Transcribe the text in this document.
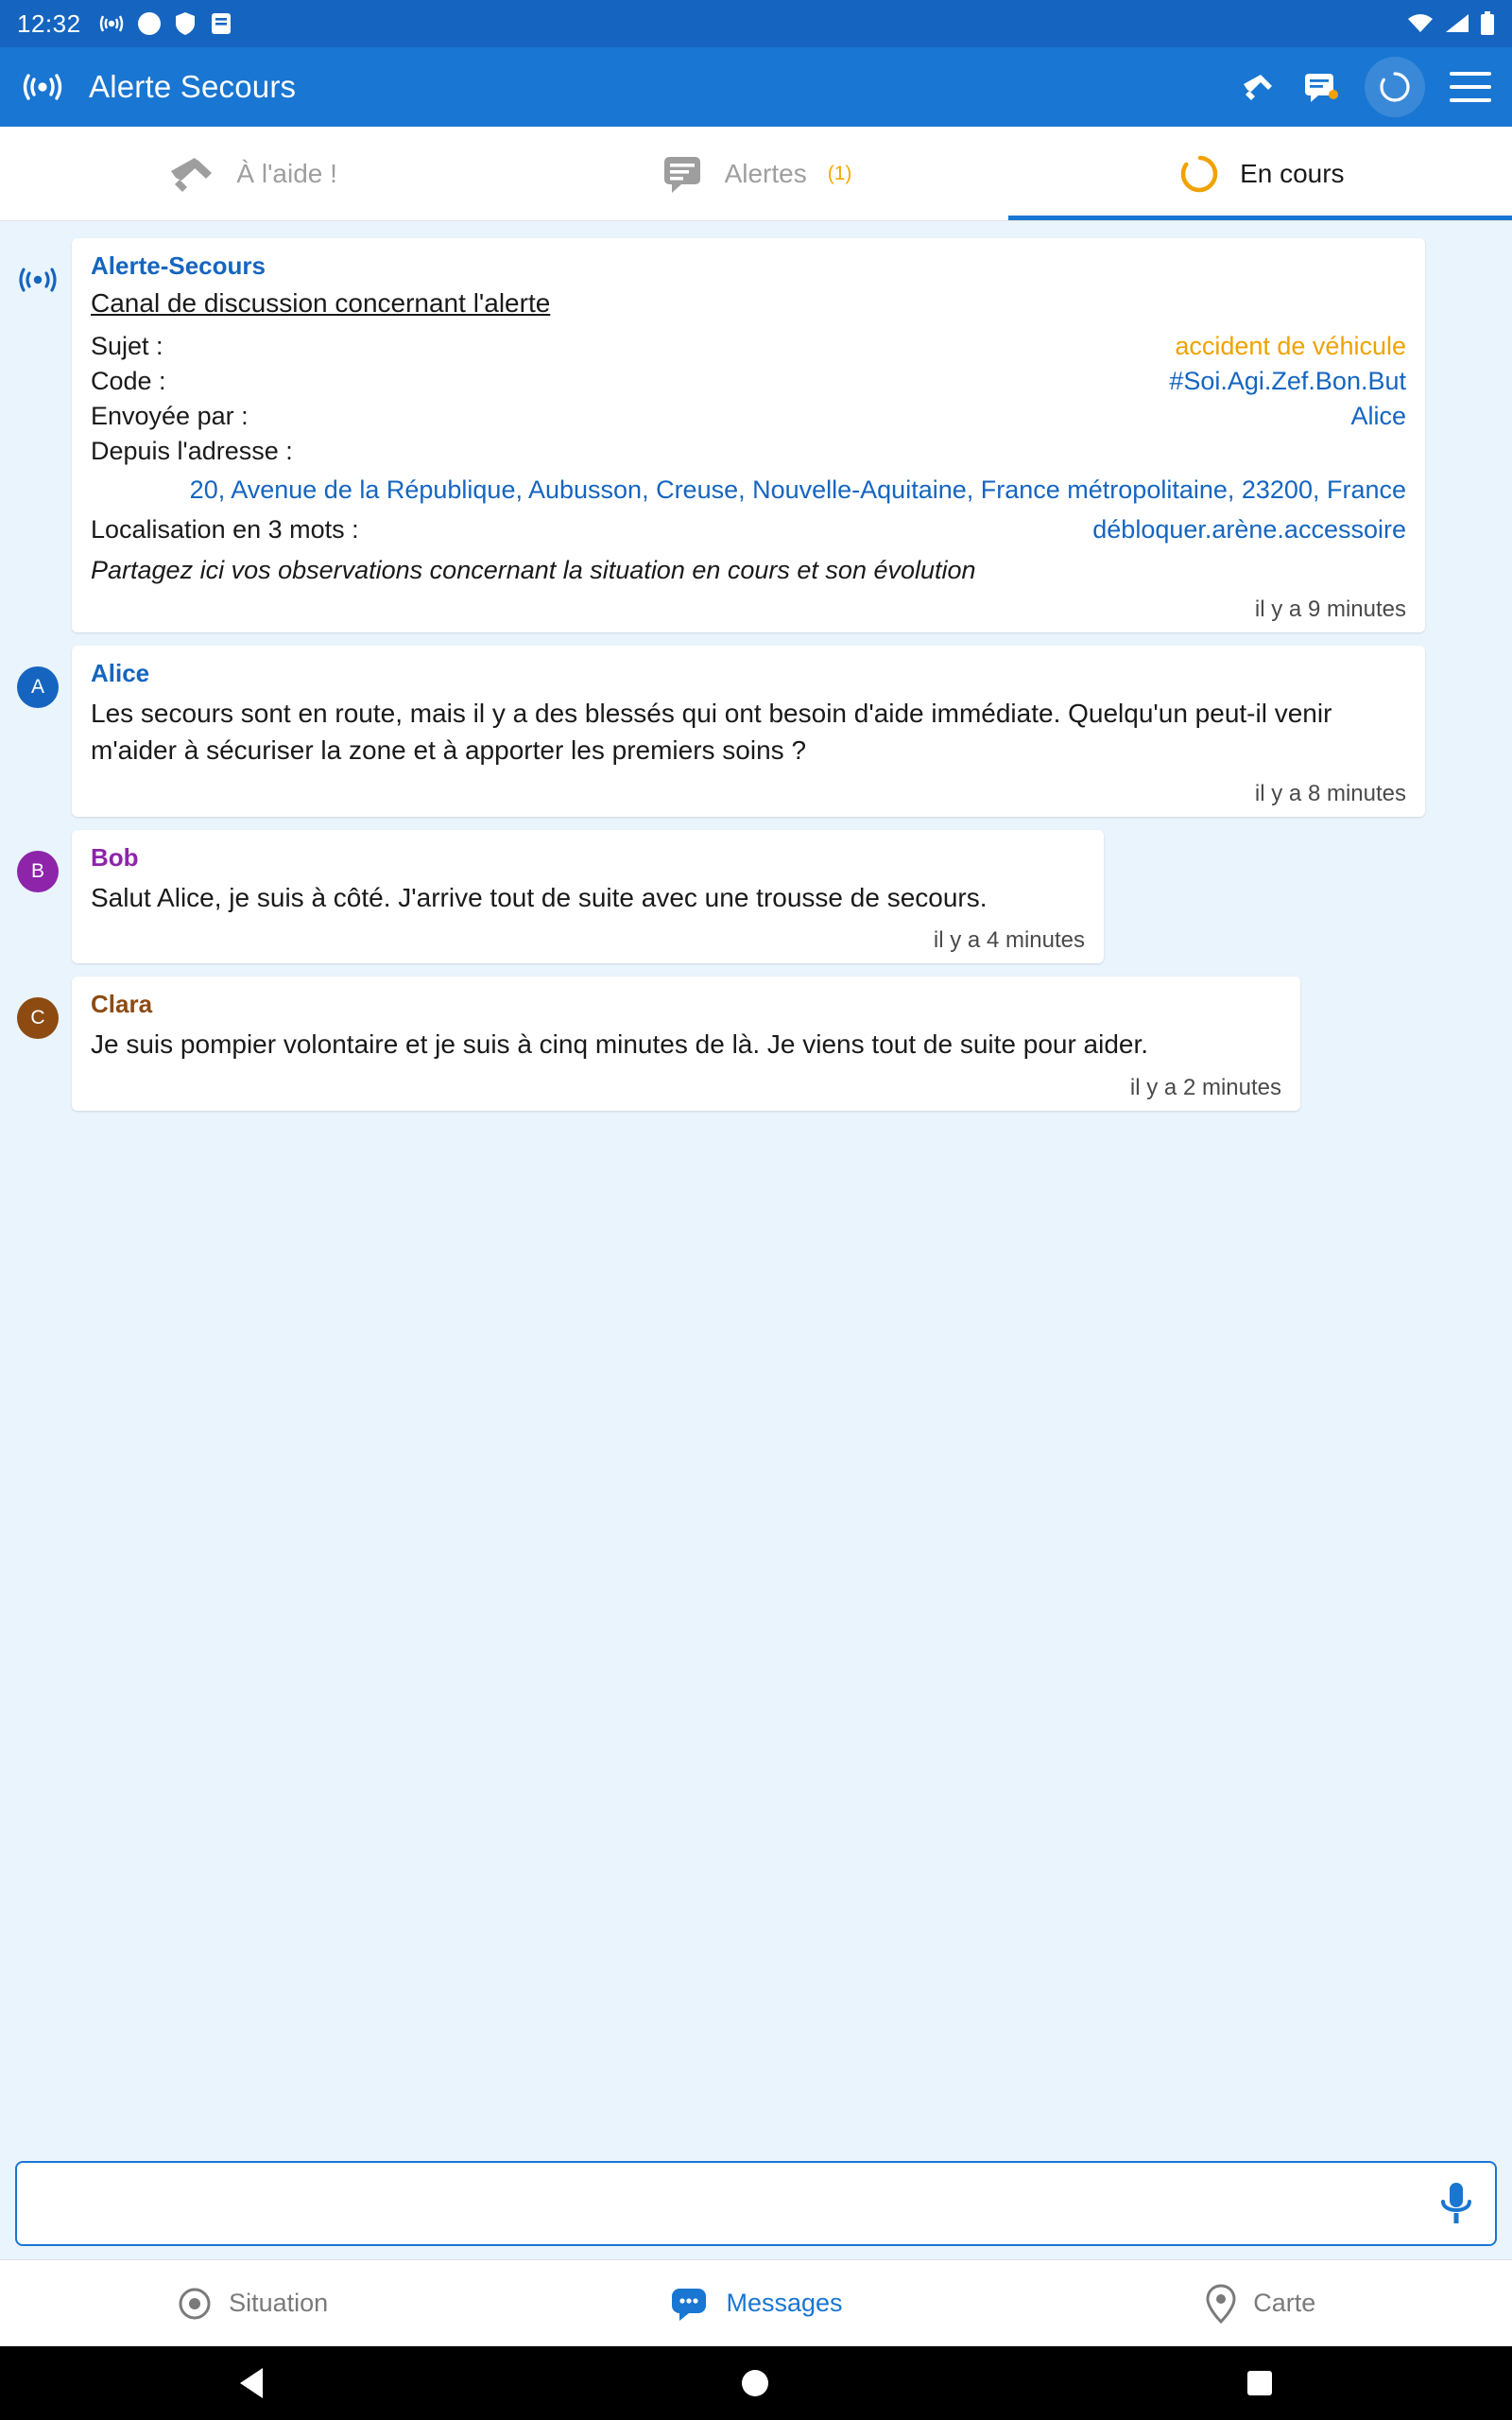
12:32
Alerte Secours
À l'aide !	Alertes (1)	En cours
Alerte-Secours
Canal de discussion concernant l'alerte
Sujet :	accident de véhicule
Code :	#Soi.Agi.Zef.Bon.But
Envoyée par :	Alice
Depuis l'adresse :
20, Avenue de la République, Aubusson, Creuse, Nouvelle-Aquitaine, France métropolitaine, 23200, France
Localisation en 3 mots :	débloquer.arène.accessoire
Partagez ici vos observations concernant la situation en cours et son évolution
il y a 9 minutes
A	Alice
Les secours sont en route, mais il y a des blessés qui ont besoin d'aide immédiate. Quelqu'un peut-il venir m'aider à sécuriser la zone et à apporter les premiers soins ?
il y a 8 minutes
B	Bob
Salut Alice, je suis à côté. J'arrive tout de suite avec une trousse de secours.
il y a 4 minutes
C	Clara
Je suis pompier volontaire et je suis à cinq minutes de là. Je viens tout de suite pour aider.
il y a 2 minutes
Situation	Messages	Carte
